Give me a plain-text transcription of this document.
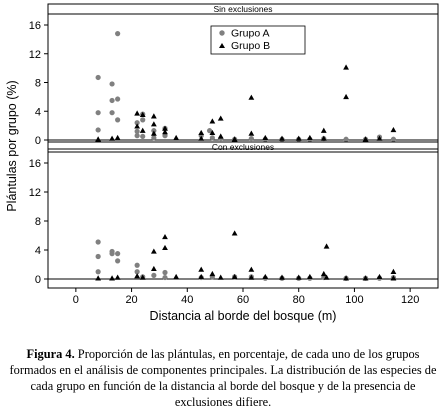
Sin exclusiones
0
4
8
12
16
Grupo A
Grupo B
Con exclusiones
0
4
8
12
16
0	20	40	60	80	100	120
Distancia al borde del bosque (m)
Plántulas por grupo (%)
Figura 4. Proporción de las plántulas, en porcentaje, de cada uno de los grupos formados en el análisis de componentes principales. La distribución de las especies de cada grupo en función de la distancia al borde del bosque y de la presencia de exclusiones difiere.
